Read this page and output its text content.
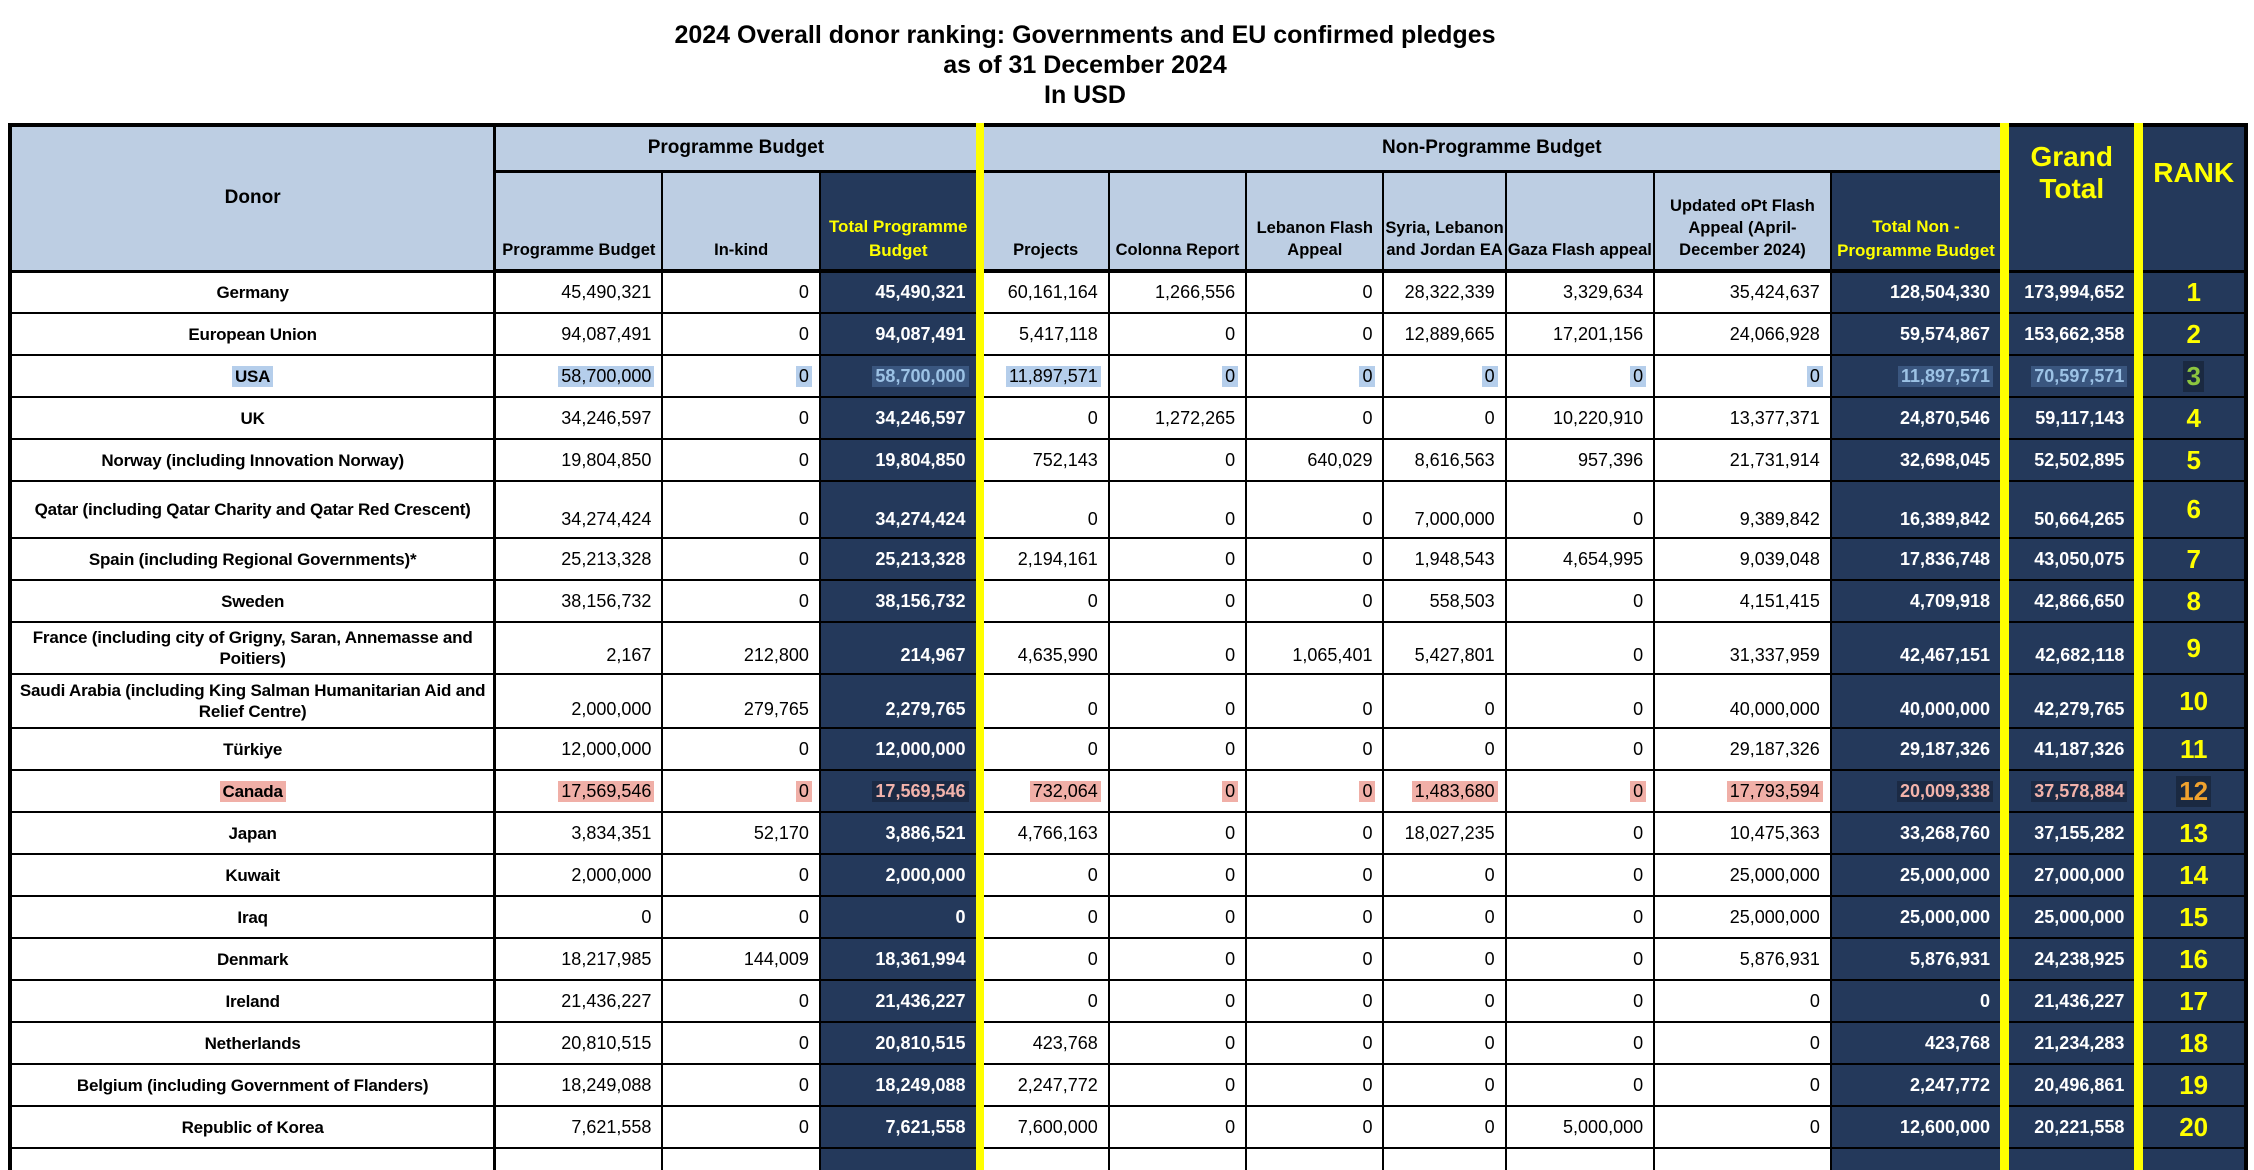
2024 Overall donor ranking: Governments and EU confirmed pledges
as of 31 December 2024
In USD
Donor	Programme Budget			Non-Programme Budget							Grand Total	RANK
	Programme Budget	In-kind	Total Programme Budget	Projects	Colonna Report	Lebanon Flash Appeal	Syria, Lebanon and Jordan EA	Gaza Flash appeal	Updated oPt Flash Appeal (April-December 2024)	Total Non - Programme Budget		
Germany	45,490,321	0	45,490,321	60,161,164	1,266,556	0	28,322,339	3,329,634	35,424,637	128,504,330	173,994,652	1
European Union	94,087,491	0	94,087,491	5,417,118	0	0	12,889,665	17,201,156	24,066,928	59,574,867	153,662,358	2
USA	58,700,000	0	58,700,000	11,897,571	0	0	0	0	0	11,897,571	70,597,571	3
UK	34,246,597	0	34,246,597	0	1,272,265	0	0	10,220,910	13,377,371	24,870,546	59,117,143	4
Norway (including Innovation Norway)	19,804,850	0	19,804,850	752,143	0	640,029	8,616,563	957,396	21,731,914	32,698,045	52,502,895	5
Qatar (including Qatar Charity and Qatar Red Crescent)	34,274,424	0	34,274,424	0	0	0	7,000,000	0	9,389,842	16,389,842	50,664,265	6
Spain (including Regional Governments)*	25,213,328	0	25,213,328	2,194,161	0	0	1,948,543	4,654,995	9,039,048	17,836,748	43,050,075	7
Sweden	38,156,732	0	38,156,732	0	0	0	558,503	0	4,151,415	4,709,918	42,866,650	8
France (including city of Grigny, Saran, Annemasse and Poitiers)	2,167	212,800	214,967	4,635,990	0	1,065,401	5,427,801	0	31,337,959	42,467,151	42,682,118	9
Saudi Arabia (including King Salman Humanitarian Aid and Relief Centre)	2,000,000	279,765	2,279,765	0	0	0	0	0	40,000,000	40,000,000	42,279,765	10
Türkiye	12,000,000	0	12,000,000	0	0	0	0	0	29,187,326	29,187,326	41,187,326	11
Canada	17,569,546	0	17,569,546	732,064	0	0	1,483,680	0	17,793,594	20,009,338	37,578,884	12
Japan	3,834,351	52,170	3,886,521	4,766,163	0	0	18,027,235	0	10,475,363	33,268,760	37,155,282	13
Kuwait	2,000,000	0	2,000,000	0	0	0	0	0	25,000,000	25,000,000	27,000,000	14
Iraq	0	0	0	0	0	0	0	0	25,000,000	25,000,000	25,000,000	15
Denmark	18,217,985	144,009	18,361,994	0	0	0	0	0	5,876,931	5,876,931	24,238,925	16
Ireland	21,436,227	0	21,436,227	0	0	0	0	0	0	0	21,436,227	17
Netherlands	20,810,515	0	20,810,515	423,768	0	0	0	0	0	423,768	21,234,283	18
Belgium (including Government of Flanders)	18,249,088	0	18,249,088	2,247,772	0	0	0	0	0	2,247,772	20,496,861	19
Republic of Korea	7,621,558	0	7,621,558	7,600,000	0	0	0	5,000,000	0	12,600,000	20,221,558	20
